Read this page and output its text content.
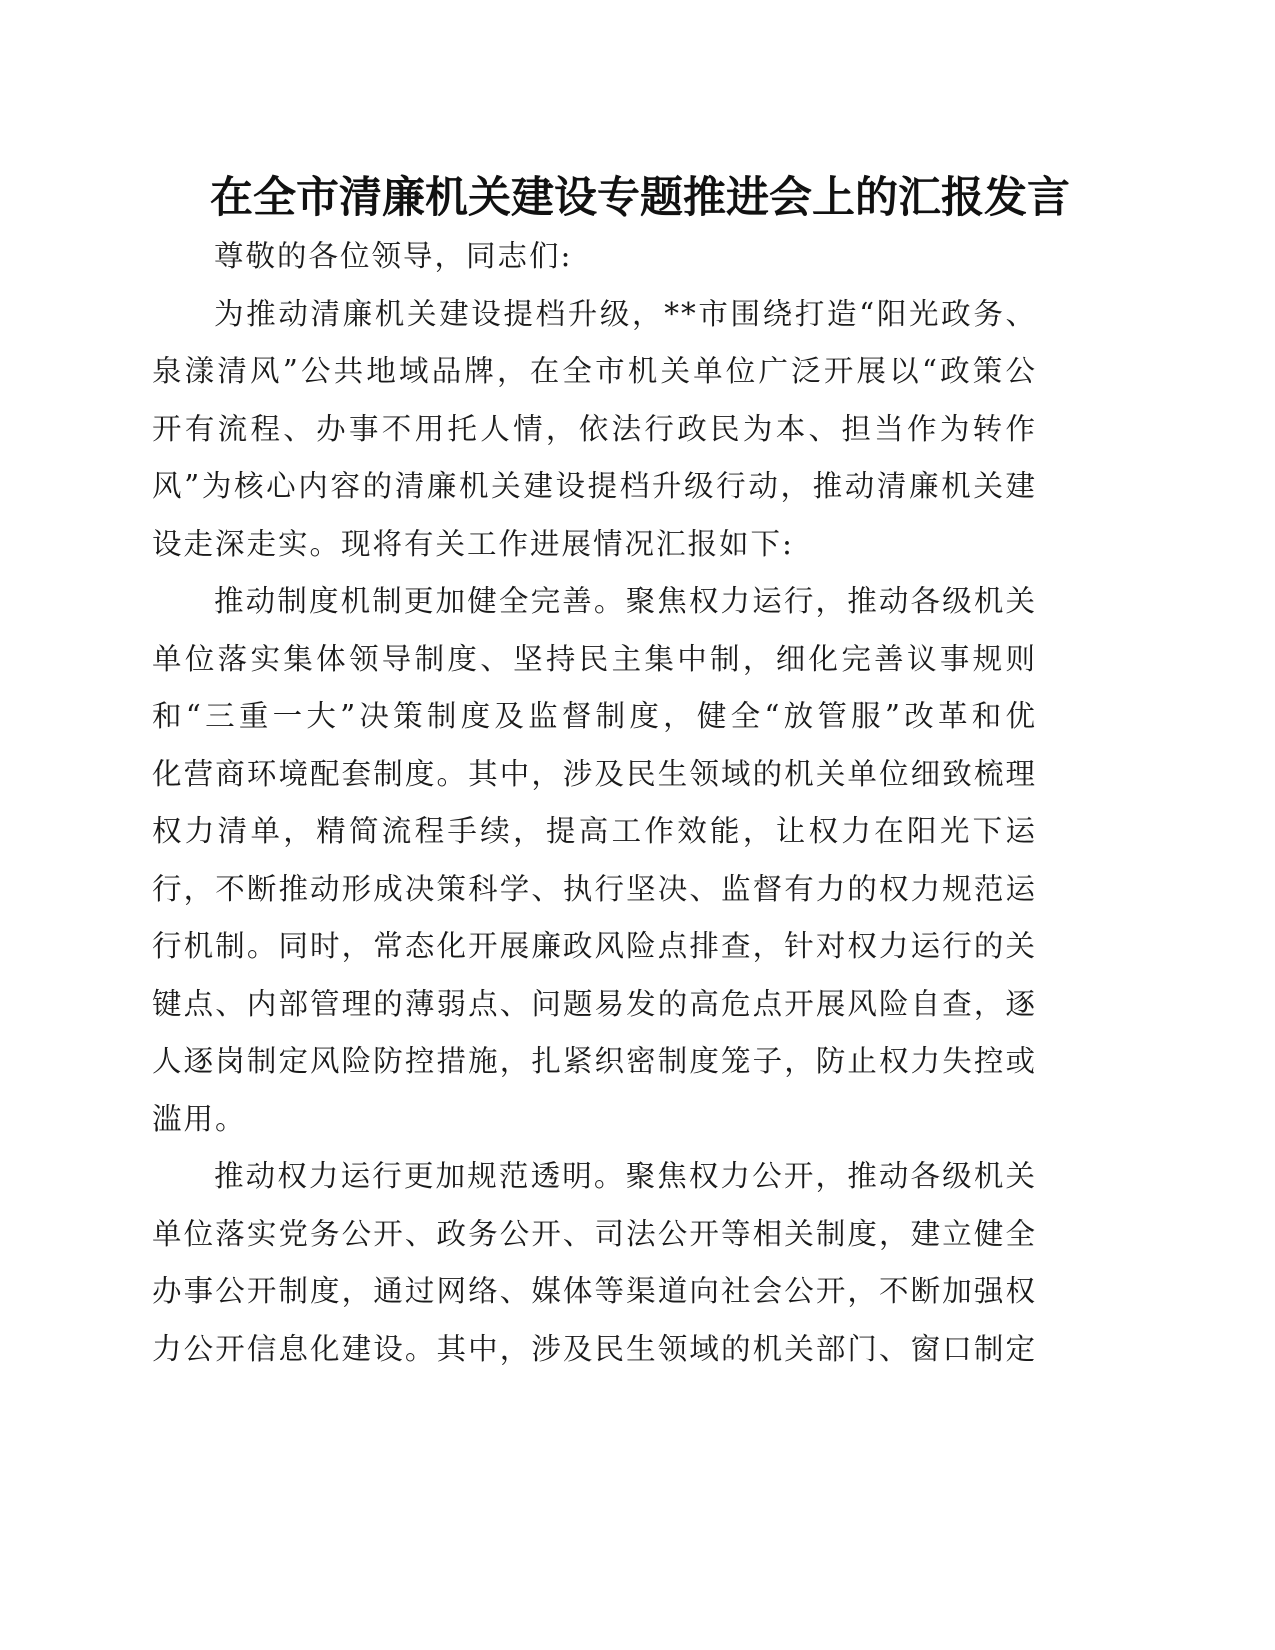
在全市清廉机关建设专题推进会上的汇报发言
尊敬的各位领导，同志们:
为推动清廉机关建设提档升级，**市围绕打造“阳光政务、
泉漾清风”公共地域品牌，在全市机关单位广泛开展以“政策公
开有流程、办事不用托人情，依法行政民为本、担当作为转作
风”为核心内容的清廉机关建设提档升级行动，推动清廉机关建
设走深走实。现将有关工作进展情况汇报如下:
推动制度机制更加健全完善。聚焦权力运行，推动各级机关
单位落实集体领导制度、坚持民主集中制，细化完善议事规则
和“三重一大”决策制度及监督制度，健全“放管服”改革和优
化营商环境配套制度。其中，涉及民生领域的机关单位细致梳理
权力清单，精简流程手续，提高工作效能，让权力在阳光下运
行，不断推动形成决策科学、执行坚决、监督有力的权力规范运
行机制。同时，常态化开展廉政风险点排查，针对权力运行的关
键点、内部管理的薄弱点、问题易发的高危点开展风险自查，逐
人逐岗制定风险防控措施，扎紧织密制度笼子，防止权力失控或
滥用。
推动权力运行更加规范透明。聚焦权力公开，推动各级机关
单位落实党务公开、政务公开、司法公开等相关制度，建立健全
办事公开制度，通过网络、媒体等渠道向社会公开，不断加强权
力公开信息化建设。其中，涉及民生领域的机关部门、窗口制定
